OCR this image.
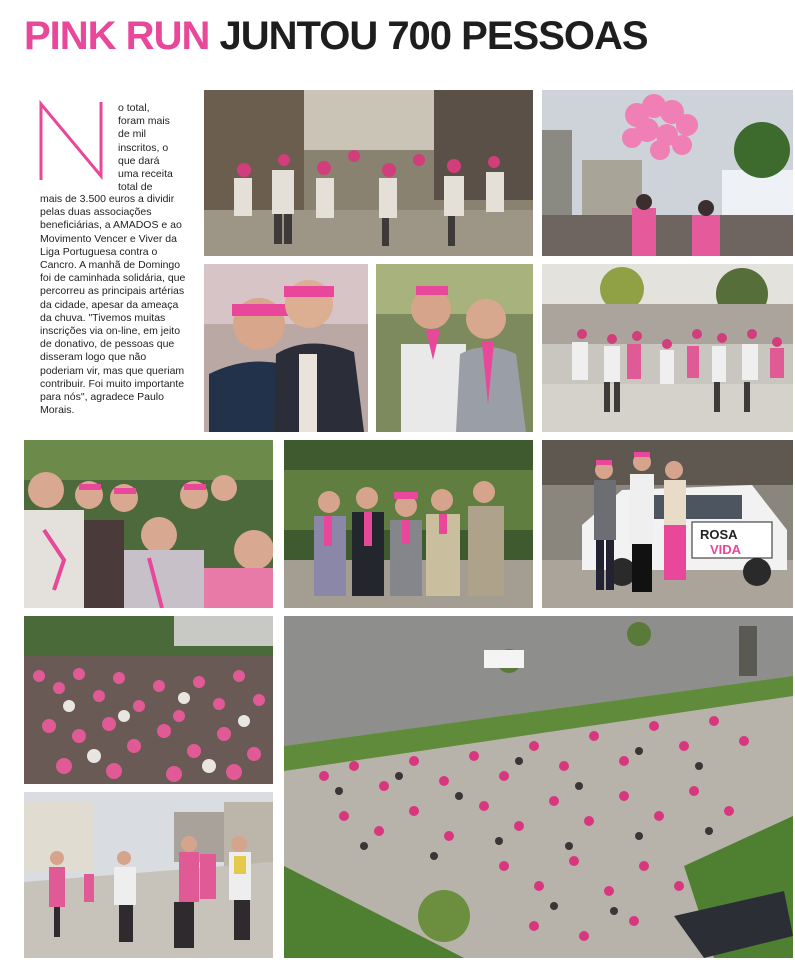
PINK RUN JUNTOU 700 PESSOAS

o total, foram mais de mil inscritos, o que dará uma receita total de

mais de 3.500 euros a dividir pelas duas associações beneficiárias, a AMADOS e ao Movimento Vencer e Viver da Liga Portuguesa contra o Cancro. A manhã de Domingo foi de caminhada solidária, que percorreu as principais artérias da cidade, apesar da ameaça da chuva. "Tivemos muitas inscrições via on-line, em jeito de donativo, de pessoas que disseram logo que não poderiam vir, mas que queriam contribuir. Foi muito importante para nós", agradece Paulo Morais.

ROSA
VIDA
